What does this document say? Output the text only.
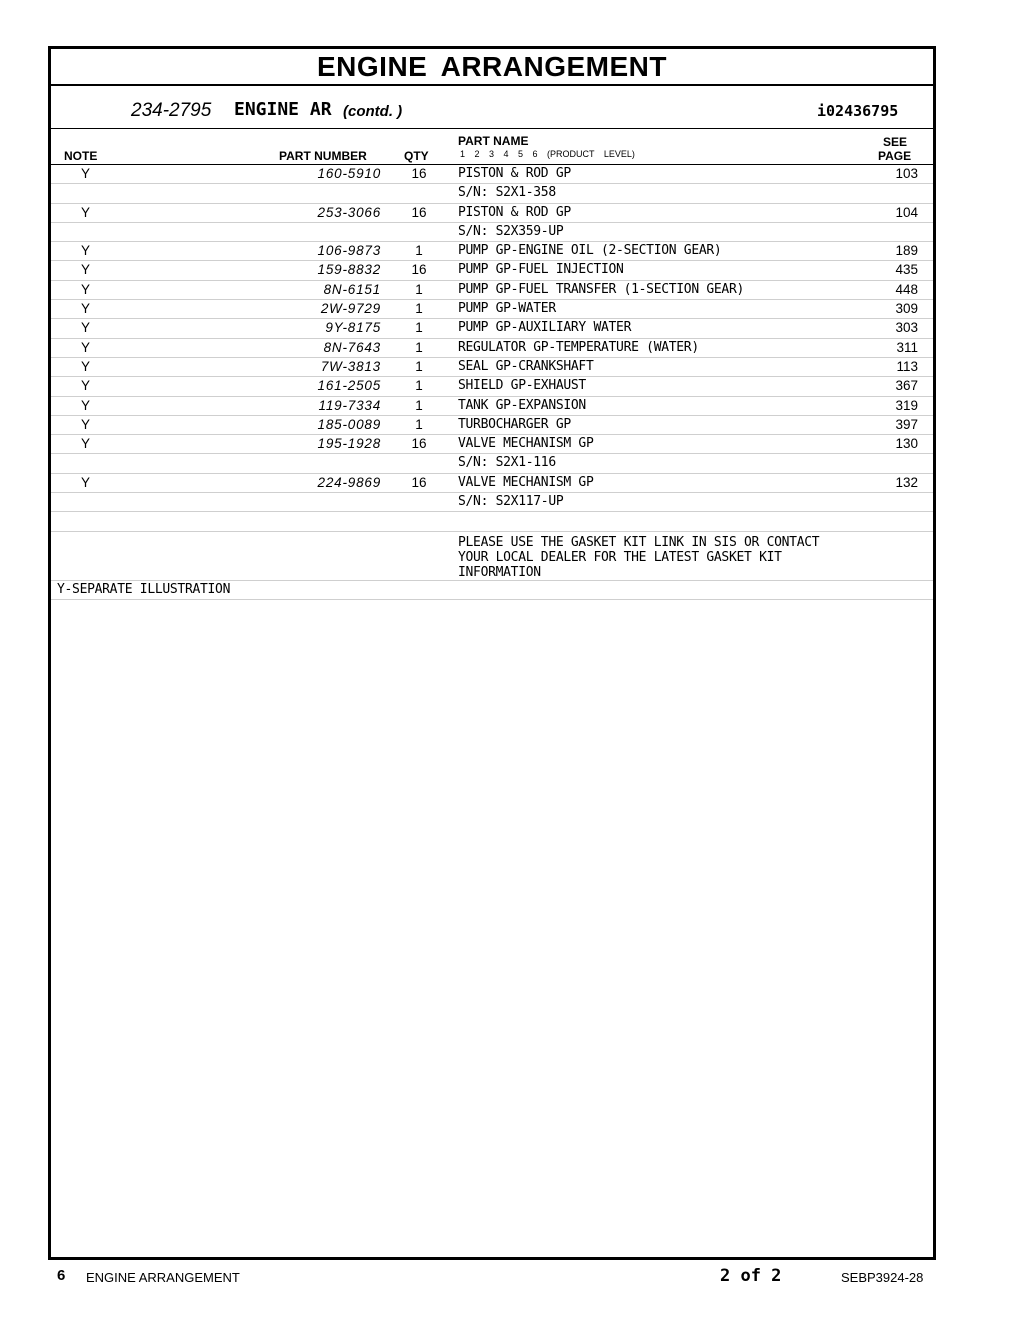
ENGINE ARRANGEMENT
234-2795 ENGINE AR (contd. )	i02436795
NOTE	PART NUMBER	QTY
PART NAME
1 2 3 4 5 6 (PRODUCT LEVEL)
SEE
PAGE
Y	160-5910 16 PISTON & ROD GP	103
S/N: S2X1-358
Y	253-3066 16 PISTON & ROD GP	104
S/N: S2X359-UP
Y	106-9873	1	PUMP GP-ENGINE OIL (2-SECTION GEAR)	189
Y	159-8832 16 PUMP GP-FUEL INJECTION	435
Y	8N-6151	1	PUMP GP-FUEL TRANSFER (1-SECTION GEAR)	448
Y	2W-9729	1	PUMP GP-WATER	309
Y	9Y-8175	1	PUMP GP-AUXILIARY WATER	303
Y	8N-7643	1	REGULATOR GP-TEMPERATURE (WATER)	311
Y	7W-3813	1	SEAL GP-CRANKSHAFT	113
Y	161-2505	1	SHIELD GP-EXHAUST	367
Y	119-7334	1	TANK GP-EXPANSION	319
Y	185-0089	1	TURBOCHARGER GP	397
Y	195-1928 16 VALVE MECHANISM GP	130
S/N: S2X1-116
Y	224-9869 16 VALVE MECHANISM GP	132
S/N: S2X117-UP
PLEASE USE THE GASKET KIT LINK IN SIS OR CONTACT
YOUR LOCAL DEALER FOR THE LATEST GASKET KIT
INFORMATION
Y-SEPARATE ILLUSTRATION
6 ENGINE ARRANGEMENT	2 of 2	SEBP3924-28
